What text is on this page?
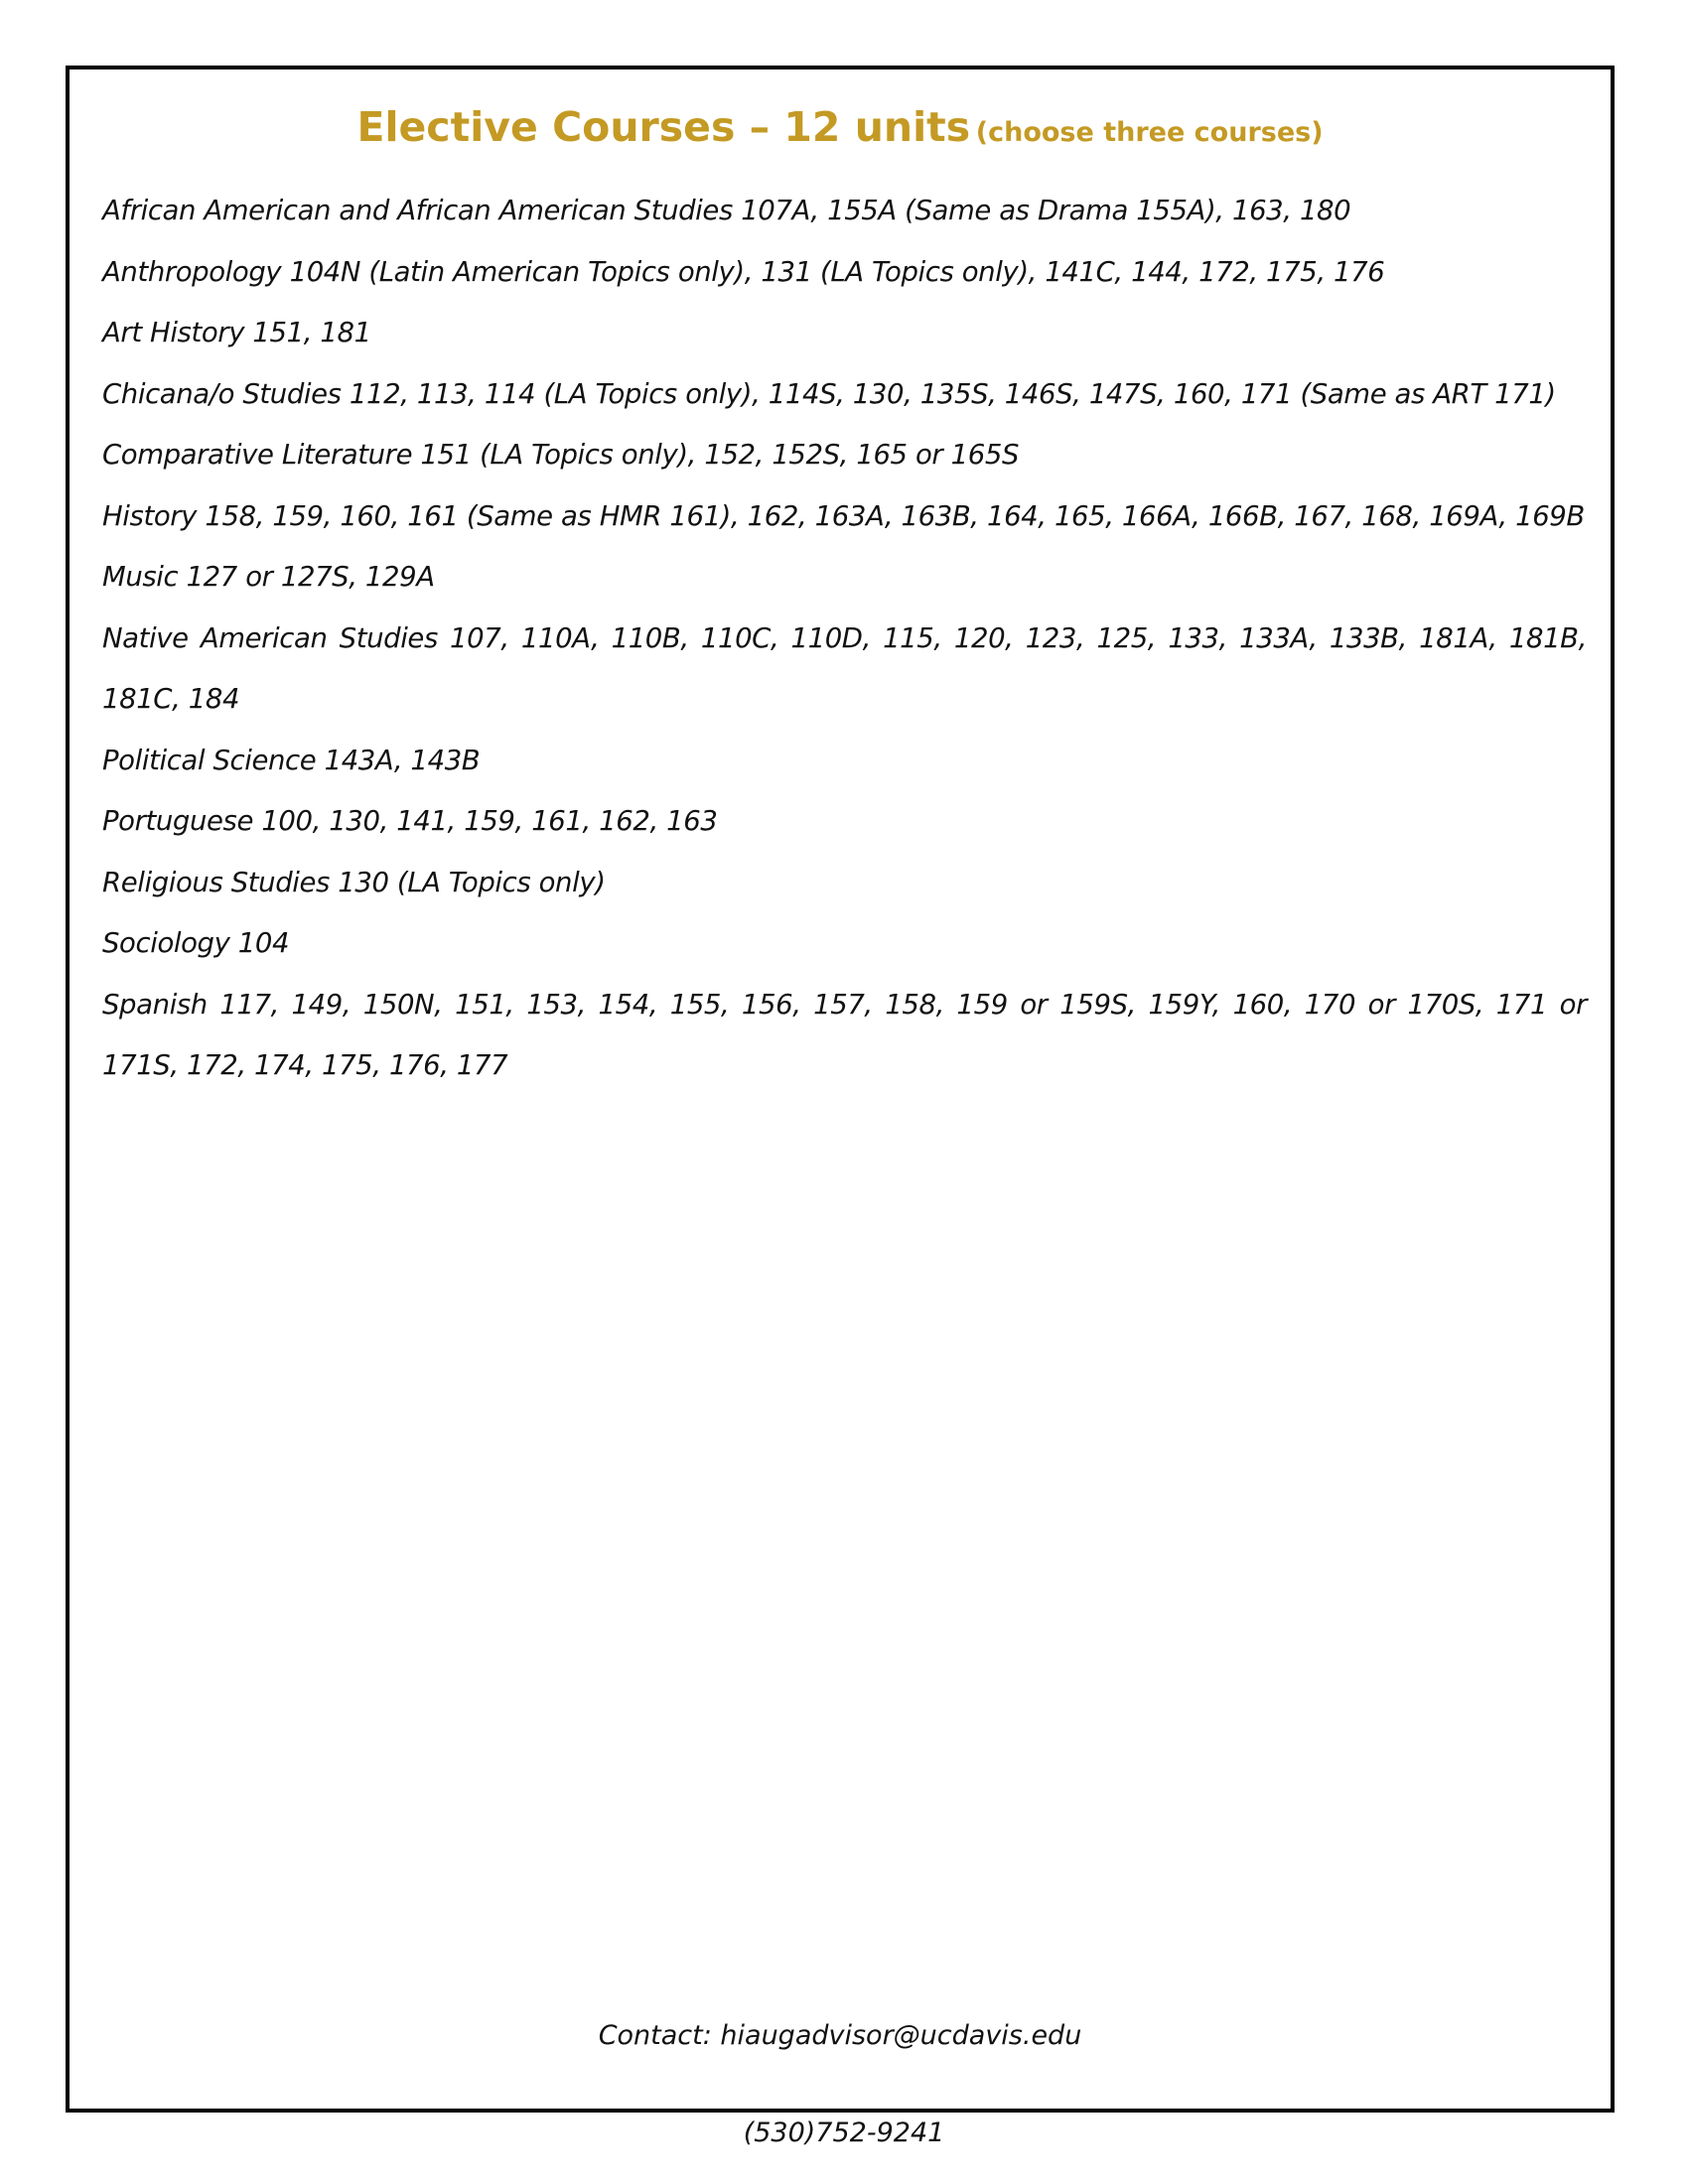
Elective Courses – 12 units (choose three courses)
African American and African American Studies 107A, 155A (Same as Drama 155A), 163, 180
Anthropology 104N (Latin American Topics only), 131 (LA Topics only), 141C, 144, 172, 175, 176
Art History 151, 181
Chicana/o Studies 112, 113, 114 (LA Topics only), 114S, 130, 135S, 146S, 147S, 160, 171 (Same as ART 171)
Comparative Literature 151 (LA Topics only), 152, 152S, 165 or 165S
History 158, 159, 160, 161 (Same as HMR 161), 162, 163A, 163B, 164, 165, 166A, 166B, 167, 168, 169A, 169B
Music 127 or 127S, 129A
Native American Studies 107, 110A, 110B, 110C, 110D, 115, 120, 123, 125, 133, 133A, 133B, 181A, 181B, 181C, 184
Political Science 143A, 143B
Portuguese 100, 130, 141, 159, 161, 162, 163
Religious Studies 130 (LA Topics only)
Sociology 104
Spanish 117, 149, 150N, 151, 153, 154, 155, 156, 157, 158, 159 or 159S, 159Y, 160, 170 or 170S, 171 or 171S, 172, 174, 175, 176, 177
Contact: hiaugadvisor@ucdavis.edu
(530)752-9241
